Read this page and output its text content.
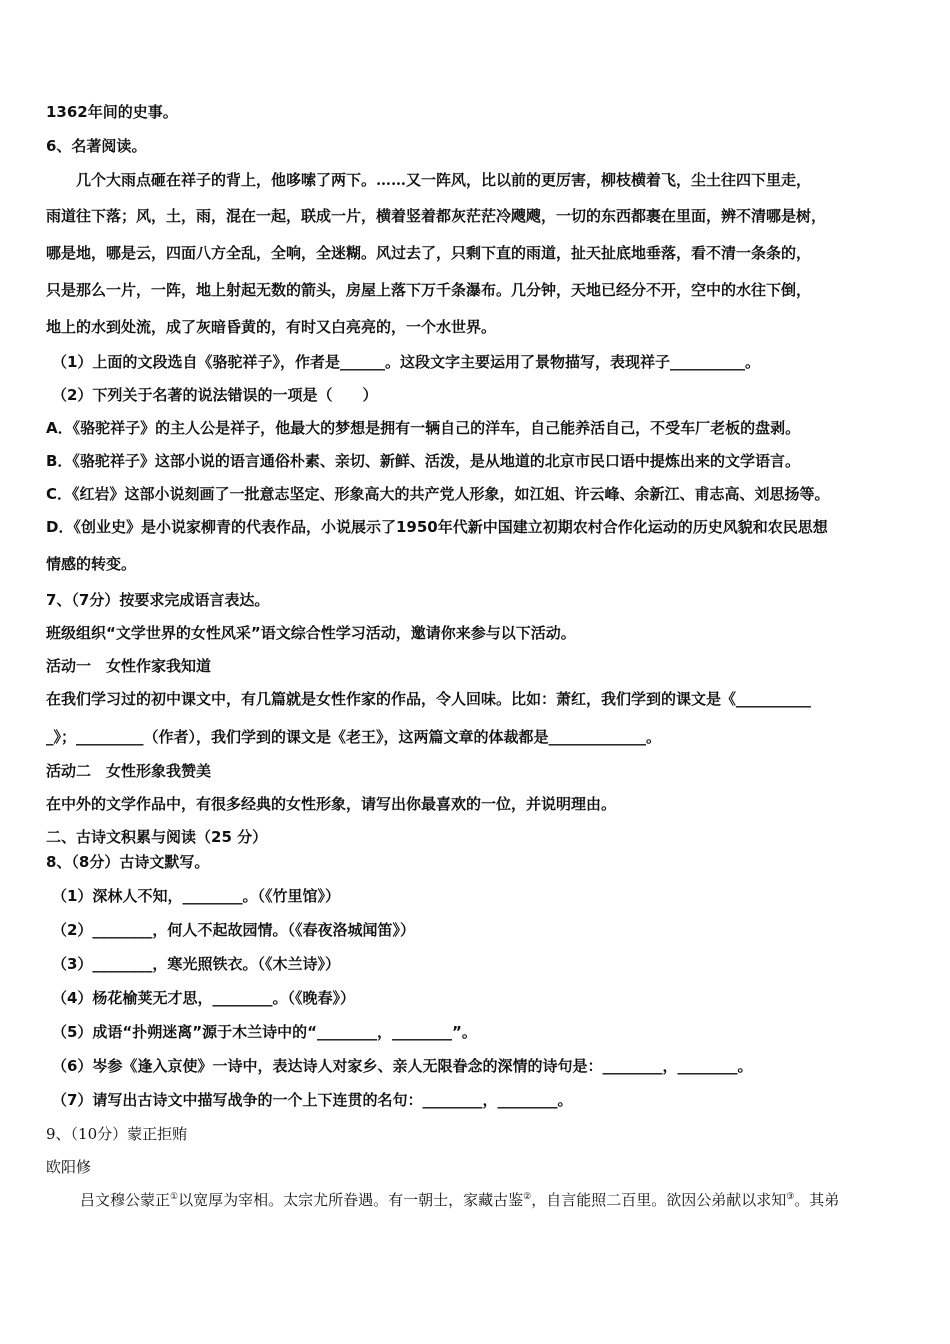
1362年间的史事。
6、名著阅读。
几个大雨点砸在祥子的背上，他哆嗦了两下。……又一阵风，比以前的更厉害，柳枝横着飞，尘土往四下里走，
雨道往下落；风，土，雨，混在一起，联成一片，横着竖着都灰茫茫冷飕飕，一切的东西都裹在里面，辨不清哪是树，
哪是地，哪是云，四面八方全乱，全响，全迷糊。风过去了，只剩下直的雨道，扯天扯底地垂落，看不清一条条的，
只是那么一片，一阵，地上射起无数的箭头，房屋上落下万千条瀑布。几分钟，天地已经分不开，空中的水往下倒，
地上的水到处流，成了灰暗昏黄的，有时又白亮亮的，一个水世界。
（1）上面的文段选自《骆驼祥子》，作者是______。这段文字主要运用了景物描写，表现祥子__________。
（2）下列关于名著的说法错误的一项是（　　）
A．《骆驼祥子》的主人公是祥子，他最大的梦想是拥有一辆自己的洋车，自己能养活自己，不受车厂老板的盘剥。
B．《骆驼祥子》这部小说的语言通俗朴素、亲切、新鲜、活泼，是从地道的北京市民口语中提炼出来的文学语言。
C．《红岩》这部小说刻画了一批意志坚定、形象高大的共产党人形象，如江姐、许云峰、余新江、甫志高、刘思扬等。
D．《创业史》是小说家柳青的代表作品，小说展示了1950年代新中国建立初期农村合作化运动的历史风貌和农民思想
情感的转变。
7、（7分）按要求完成语言表达。
班级组织“文学世界的女性风采”语文综合性学习活动，邀请你来参与以下活动。
活动一　女性作家我知道
在我们学习过的初中课文中，有几篇就是女性作家的作品，令人回味。比如：萧红，我们学到的课文是《__________
_》；_________（作者），我们学到的课文是《老王》，这两篇文章的体裁都是_____________。
活动二　女性形象我赞美
在中外的文学作品中，有很多经典的女性形象，请写出你最喜欢的一位，并说明理由。
二、古诗文积累与阅读（25 分）
8、（8分）古诗文默写。
（1）深林人不知，________。（《竹里馆》）
（2）________，何人不起故园情。（《春夜洛城闻笛》）
（3）________，寒光照铁衣。（《木兰诗》）
（4）杨花榆荚无才思，________。（《晚春》）
（5）成语“扑朔迷离”源于木兰诗中的“________，________”。
（6）岑参《逢入京使》一诗中，表达诗人对家乡、亲人无限眷念的深情的诗句是：________，________。
（7）请写出古诗文中描写战争的一个上下连贯的名句：________，________。
9、（10分）蒙正拒贿
欧阳修
吕文穆公蒙正①以宽厚为宰相。太宗尤所眷遇。有一朝士，家藏古鉴②，自言能照二百里。欲因公弟献以求知③。其弟
